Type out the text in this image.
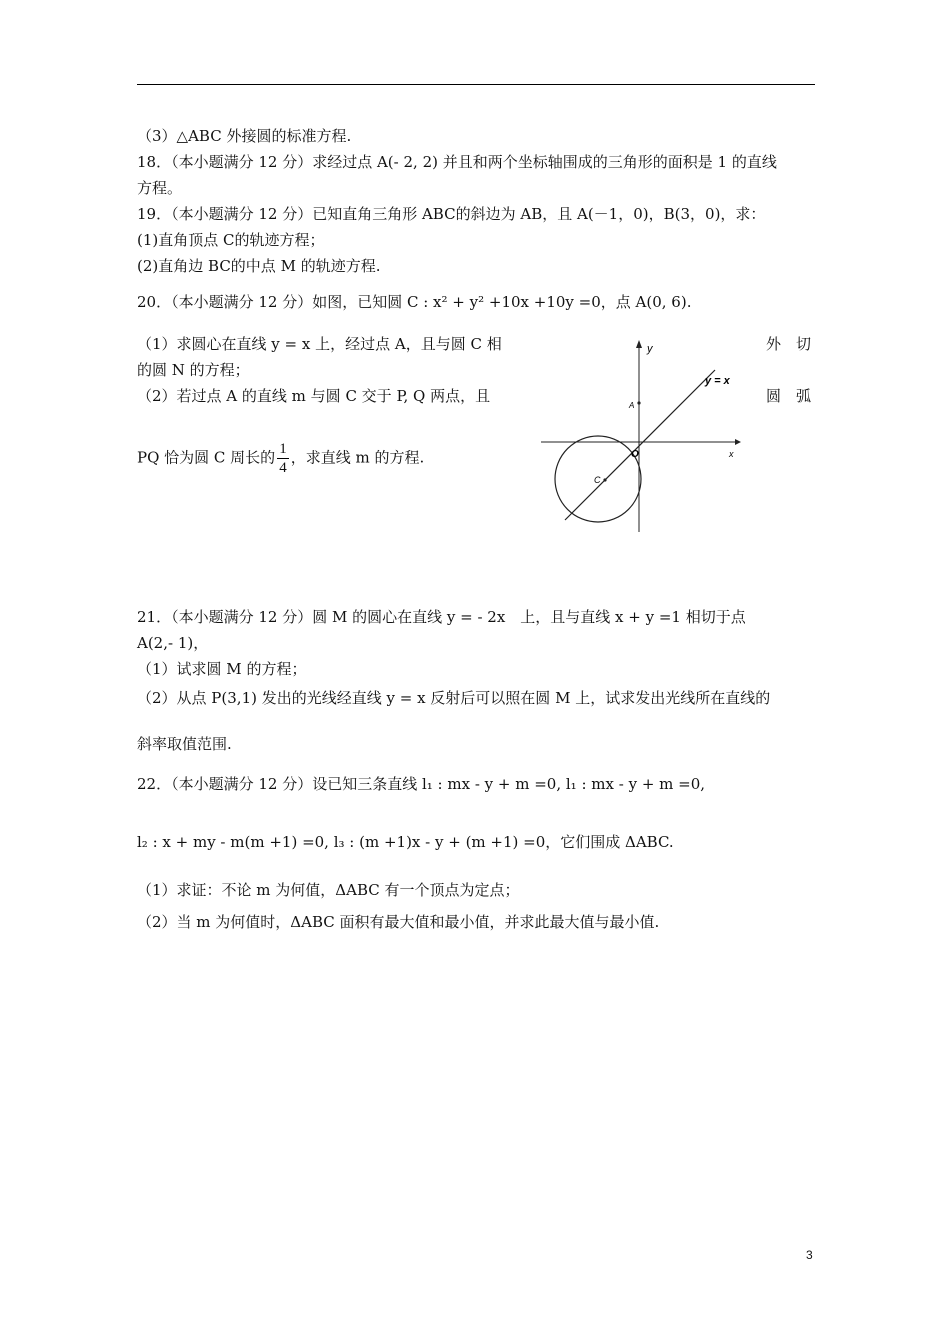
（3）△ABC 外接圆的标准方程.
18．（本小题满分 12 分）求经过点 A(- 2, 2) 并且和两个坐标轴围成的三角形的面积是 1 的直线
方程。
19．（本小题满分 12 分）已知直角三角形 ABC的斜边为 AB，且 A(－1，0)，B(3，0)，求：
(1)直角顶点 C的轨迹方程；
(2)直角边 BC的中点 M 的轨迹方程.
20．（本小题满分 12 分）如图，已知圆 C : x² + y² +10x +10y =0，点 A(0, 6).
（1）求圆心在直线 y = x 上，经过点 A，且与圆 C 相	外　切
的圆 N 的方程；
（2）若过点 A 的直线 m 与圆 C 交于 P, Q 两点，且	圆　弧
PQ 恰为圆 C 周长的 $\frac{1}{4}$ ，求直线 m 的方程.
y
x
y = x
A
O
C
21．（本小题满分 12 分）圆 M 的圆心在直线 y = - 2x　上，且与直线 x + y =1 相切于点
A(2,- 1)，
（1）试求圆 M 的方程；
（2）从点 P(3,1) 发出的光线经直线 y = x 反射后可以照在圆 M 上，试求发出光线所在直线的
斜率取值范围.
22．（本小题满分 12 分）设已知三条直线 l₁ : mx - y + m =0, l₁ : mx - y + m =0,
l₂ : x + my - m(m +1) =0, l₃ : (m +1)x - y + (m +1) =0，它们围成 ΔABC.
（1）求证：不论 m 为何值，ΔABC 有一个顶点为定点；
（2）当 m 为何值时，ΔABC 面积有最大值和最小值，并求此最大值与最小值.
3
